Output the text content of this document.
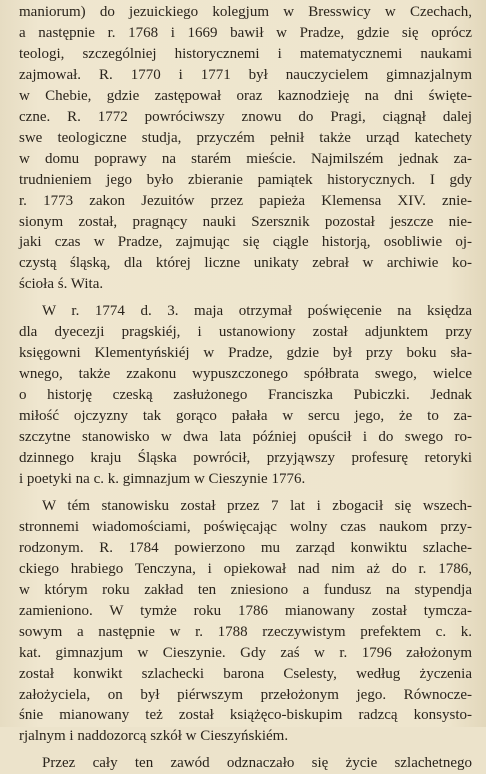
maniorum) do jezuickiego kolegjum w Bresswicy w Czechach,
a następnie r. 1768 i 1669 bawił w Pradze, gdzie się oprócz
teologi, szczególniej historycznemi i matematycznemi naukami
zajmował. R. 1770 i 1771 był nauczycielem gimnazjalnym
w Chebie, gdzie zastępował oraz kaznodzieję na dni święte-
czne. R. 1772 powróciwszy znowu do Pragi, ciągnął dalej
swe teologiczne studja, przyczém pełnił także urząd katechety
w domu poprawy na starém mieście. Najmilszém jednak za-
trudnieniem jego było zbieranie pamiątek historycznych. I gdy
r. 1773 zakon Jezuitów przez papieża Klemensa XIV. znie-
sionym został, pragnący nauki Szersznik pozostał jeszcze nie-
jaki czas w Pradze, zajmując się ciągle historją, osobliwie oj-
czystą śląską, dla której liczne unikaty zebrał w archiwie ko-
ścioła ś. Wita.
W r. 1774 d. 3. maja otrzymał poświęcenie na księdza
dla dyecezji pragskiéj, i ustanowiony został adjunktem przy
księgowni Klementyńskiéj w Pradze, gdzie był przy boku sła-
wnego, także zzakonu wypuszczonego spółbrata swego, wielce
o historję czeską zasłużonego Franciszka Pubiczki. Jednak
miłość ojczyzny tak gorąco pałała w sercu jego, że to za-
szczytne stanowisko w dwa lata później opuścił i do swego ro-
dzinnego kraju Śląska powrócił, przyjąwszy profesurę retoryki
i poetyki na c. k. gimnazjum w Cieszynie 1776.
W tém stanowisku został przez 7 lat i zbogacił się wszech-
stronnemi wiadomościami, poświęcając wolny czas naukom przy-
rodzonym. R. 1784 powierzono mu zarząd konwiktu szlache-
ckiego hrabiego Tenczyna, i opiekował nad nim aż do r. 1786,
w którym roku zakład ten zniesiono a fundusz na stypendja
zamieniono. W tymże roku 1786 mianowany został tymcza-
sowym a następnie w r. 1788 rzeczywistym prefektem c. k.
kat. gimnazjum w Cieszynie. Gdy zaś w r. 1796 założonym
został konwikt szlachecki barona Cselesty, według życzenia
założyciela, on był piérwszym przełożonym jego. Równocze-
śnie mianowany też został książęco-biskupim radzcą konsysto-
rjalnym i naddozorcą szkół w Cieszyńskiém.
Przez cały ten zawód odznaczało się życie szlachetnego
